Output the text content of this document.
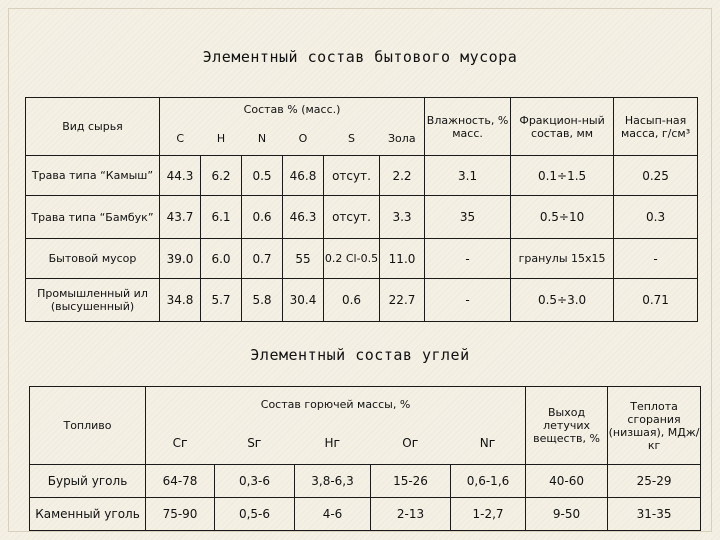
Элементный состав бытового мусора
Вид сырья	Состав % (масс.)						Влажность, % масс.	Фракцион-ный состав, мм	Насып-ная масса, г/см³
	C	H	N	O	S	Зола			
Трава типа “Камыш”	44.3	6.2	0.5	46.8	отсут.	2.2	3.1	0.1÷1.5	0.25
Трава типа “Бамбук”	43.7	6.1	0.6	46.3	отсут.	3.3	35	0.5÷10	0.3
Бытовой мусор	39.0	6.0	0.7	55	0.2 Cl-0.5	11.0	-	гранулы 15x15	-
Промышленный ил (высушенный)	34.8	5.7	5.8	30.4	0.6	22.7	-	0.5÷3.0	0.71
Элементный состав углей
Топливо	Состав горючей массы, %					Выход летучих веществ, %	Теплота сгорания (низшая), МДж/кг
	Сᴦ	Sᴦ	Нᴦ	Оᴦ	Nᴦ		
Бурый уголь	64-78	0,3-6	3,8-6,3	15-26	0,6-1,6	40-60	25-29
Каменный уголь	75-90	0,5-6	4-6	2-13	1-2,7	9-50	31-35
